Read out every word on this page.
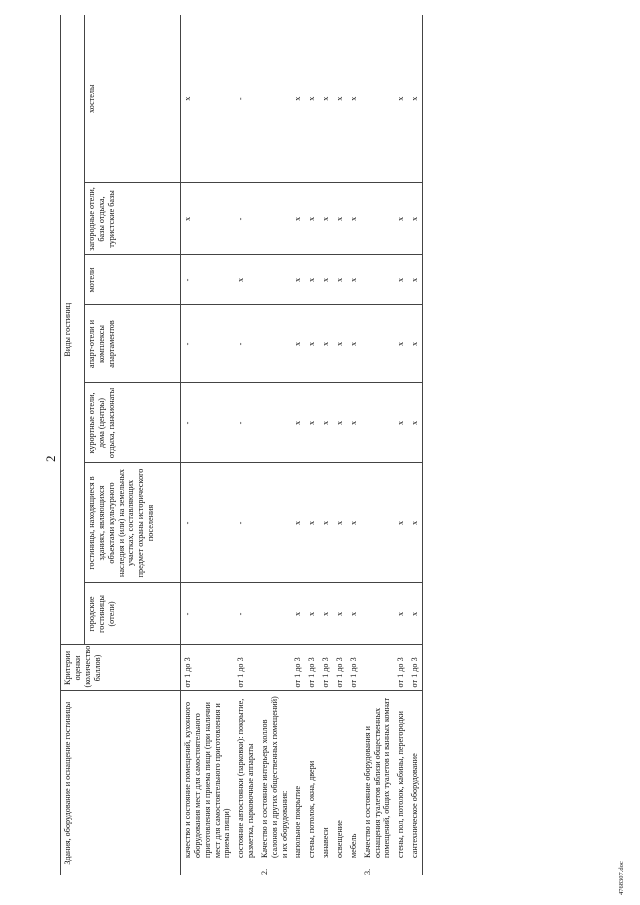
2
Здания, оборудование и оснащение гостиницы		Критерии оценки (количество баллов)	Виды гостиниц						
			городские гостиницы (отели)	гостиницы, находящиеся в зданиях, являющихся объектами культурного наследия и (или) на земельных участках, составляющих предмет охраны исторического поселения	курортные отели, дома (центры) отдыха, пансионаты	апарт-отели и комплексы апартаментов	мотели	загородные отели, базы отдыха, туристские базы	хостелы
	качество и состояние помещений, кухонного оборудования мест для самостоятельного приготовления и приема пищи (при наличии мест для самостоятельного приготовления и приема пищи)	от 1 до 3	-	-	-	-	-	x	x
	состояние автостоянки (парковки): покрытие, разметка, парковочные аппараты	от 1 до 3	-	-	-	-	x	-	-
2.	Качество и состояние интерьера холлов (салонов и других общественных помещений) и их оборудования:								
	напольное покрытие	от 1 до 3	x	x	x	x	x	x	x
	стены, потолок, окна, двери	от 1 до 3	x	x	x	x	x	x	x
	занавеси	от 1 до 3	x	x	x	x	x	x	x
	освещение	от 1 до 3	x	x	x	x	x	x	x
	мебель	от 1 до 3	x	x	x	x	x	x	x
3.	Качество и состояние оборудования и оснащения туалетов вблизи общественных помещений, общих туалетов и ванных комнат								
	стены, пол, потолок, кабины, перегородки	от 1 до 3	x	x	x	x	x	x	x
	сантехническое оборудование	от 1 до 3	x	x	x	x	x	x	x
4768307.doc
